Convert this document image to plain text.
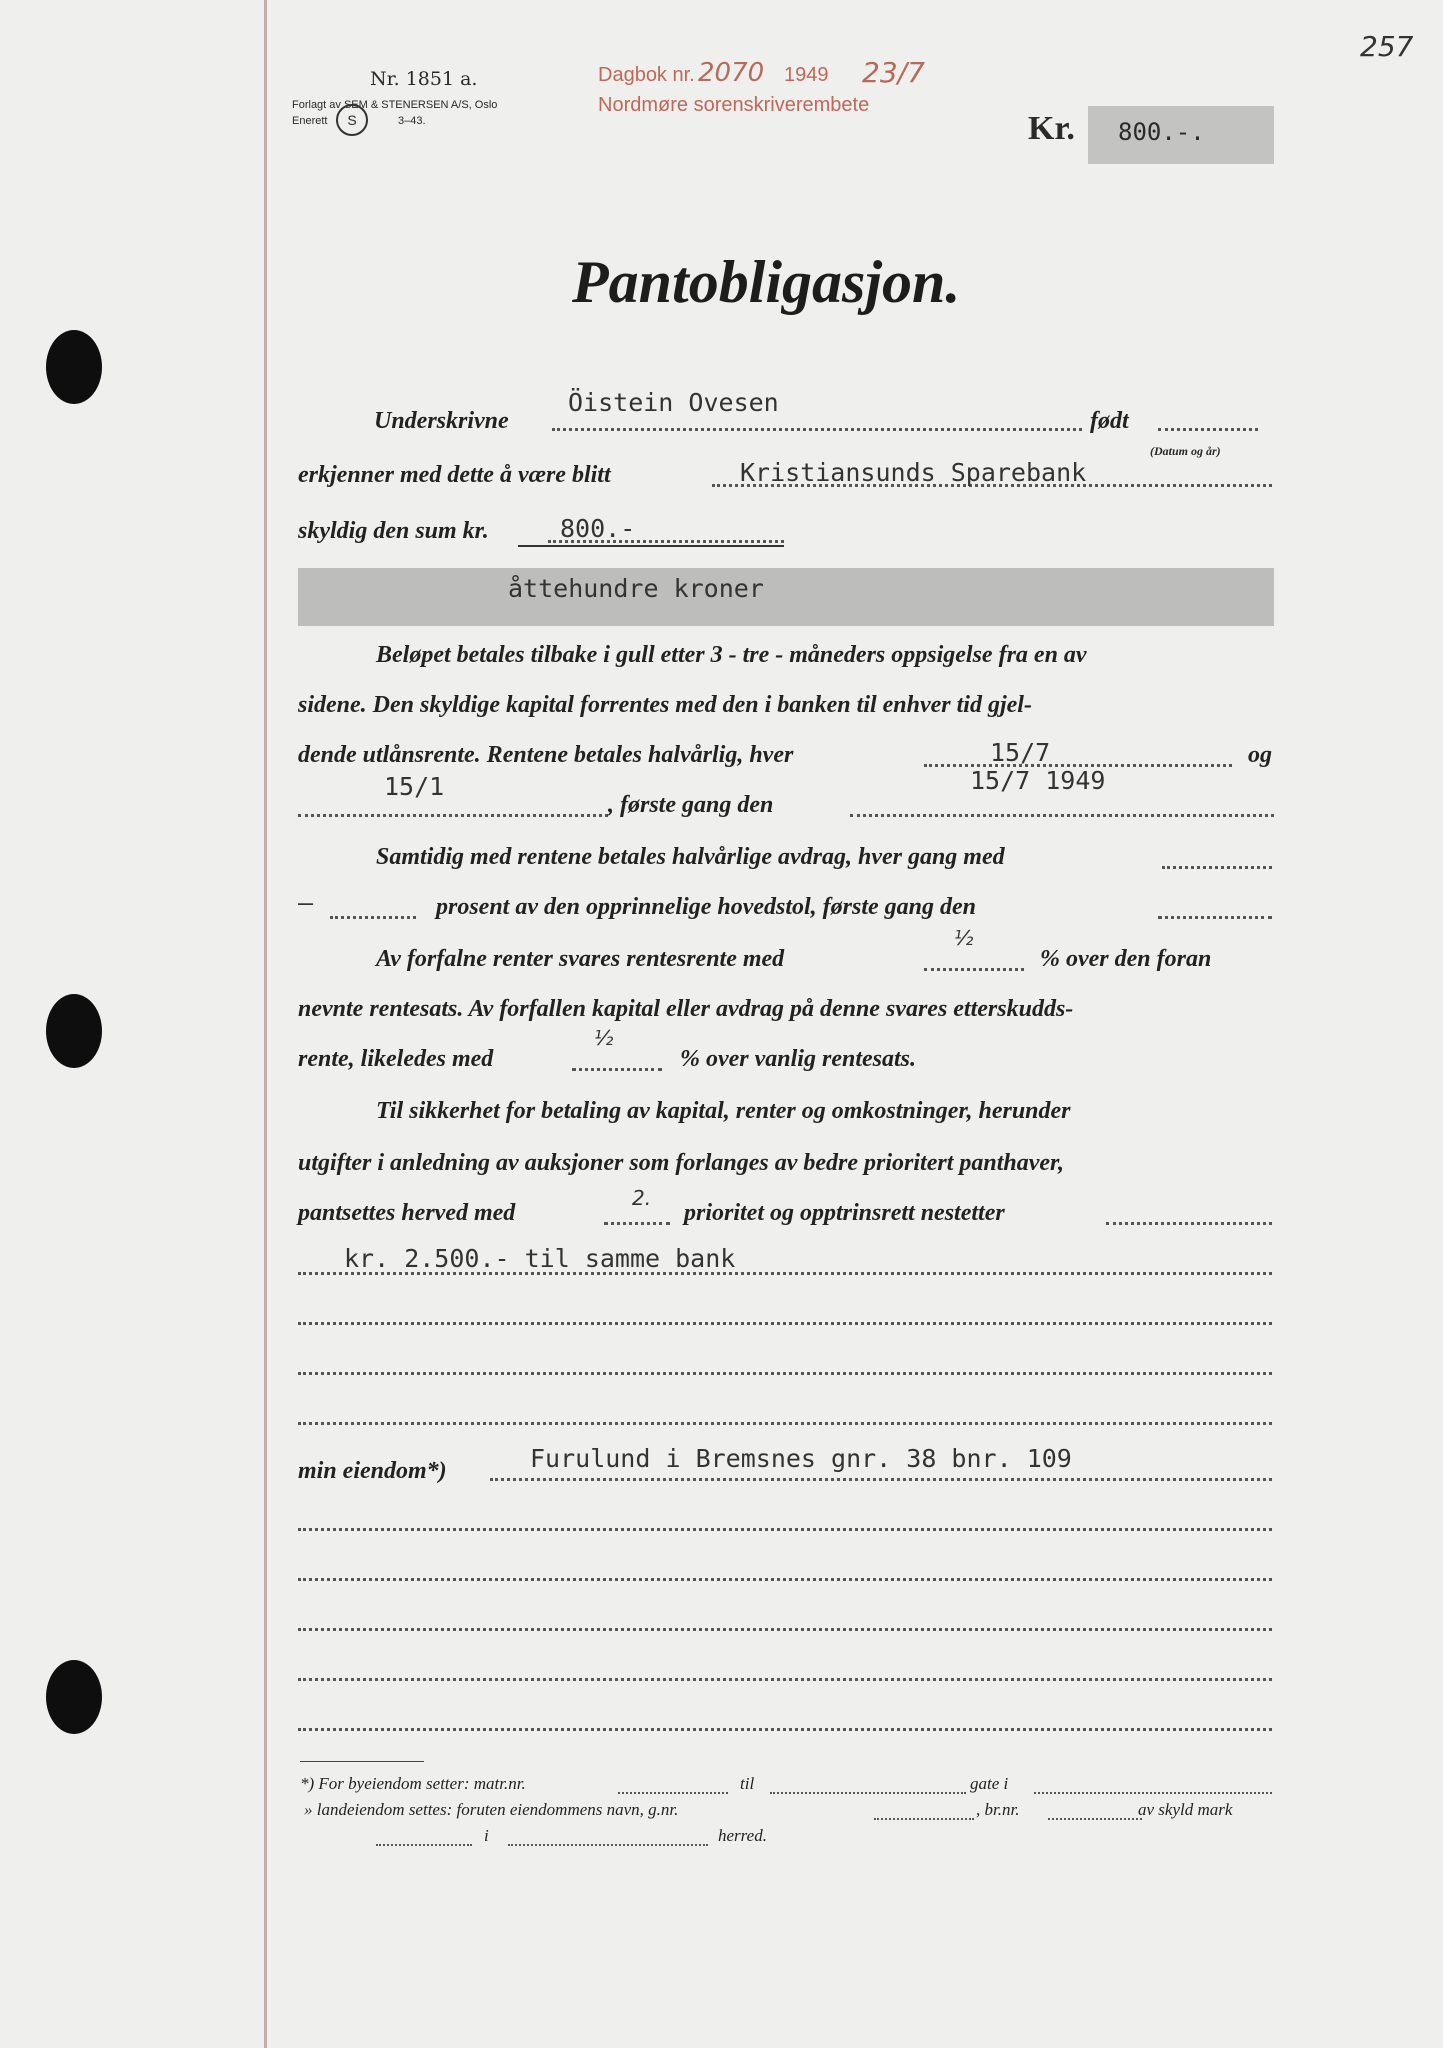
257
Nr. 1851 a.
Forlagt av SEM & STENERSEN A/S, Oslo
Enerett	S	3–43.
Dagbok nr. 2070 1949 23/7
Nordmøre sorenskriverembete
Kr. 800.-.
Pantobligasjon.
Underskrivne
Öistein Ovesen
født
(Datum og år)
erkjenner med dette å være blitt	Kristiansunds Sparebank
skyldig den sum kr.	800.-
åttehundre kroner
Beløpet betales tilbake i gull etter 3 - tre - måneders oppsigelse fra en av
sidene. Den skyldige kapital forrentes med den i banken til enhver tid gjel-
dende utlånsrente. Rentene betales halvårlig, hver	15/7	og
15/1	15/7 1949
, første gang den
Samtidig med rentene betales halvårlige avdrag, hver gang med
—	prosent av den opprinnelige hovedstol, første gang den
Av forfalne renter svares rentesrente med
½
% over den foran
nevnte rentesats. Av forfallen kapital eller avdrag på denne svares etterskudds-
rente, likeledes med
½
% over vanlig rentesats.
Til sikkerhet for betaling av kapital, renter og omkostninger, herunder
utgifter i anledning av auksjoner som forlanges av bedre prioritert panthaver,
pantsettes herved med
2.
prioritet og opptrinsrett nestetter
kr. 2.500.- til samme bank
min eiendom*)	Furulund i Bremsnes gnr. 38 bnr. 109
*) For byeiendom setter: matr.nr.	til	gate i
» landeiendom settes: foruten eiendommens navn, g.nr.	, br.nr.	av skyld mark
i	herred.
